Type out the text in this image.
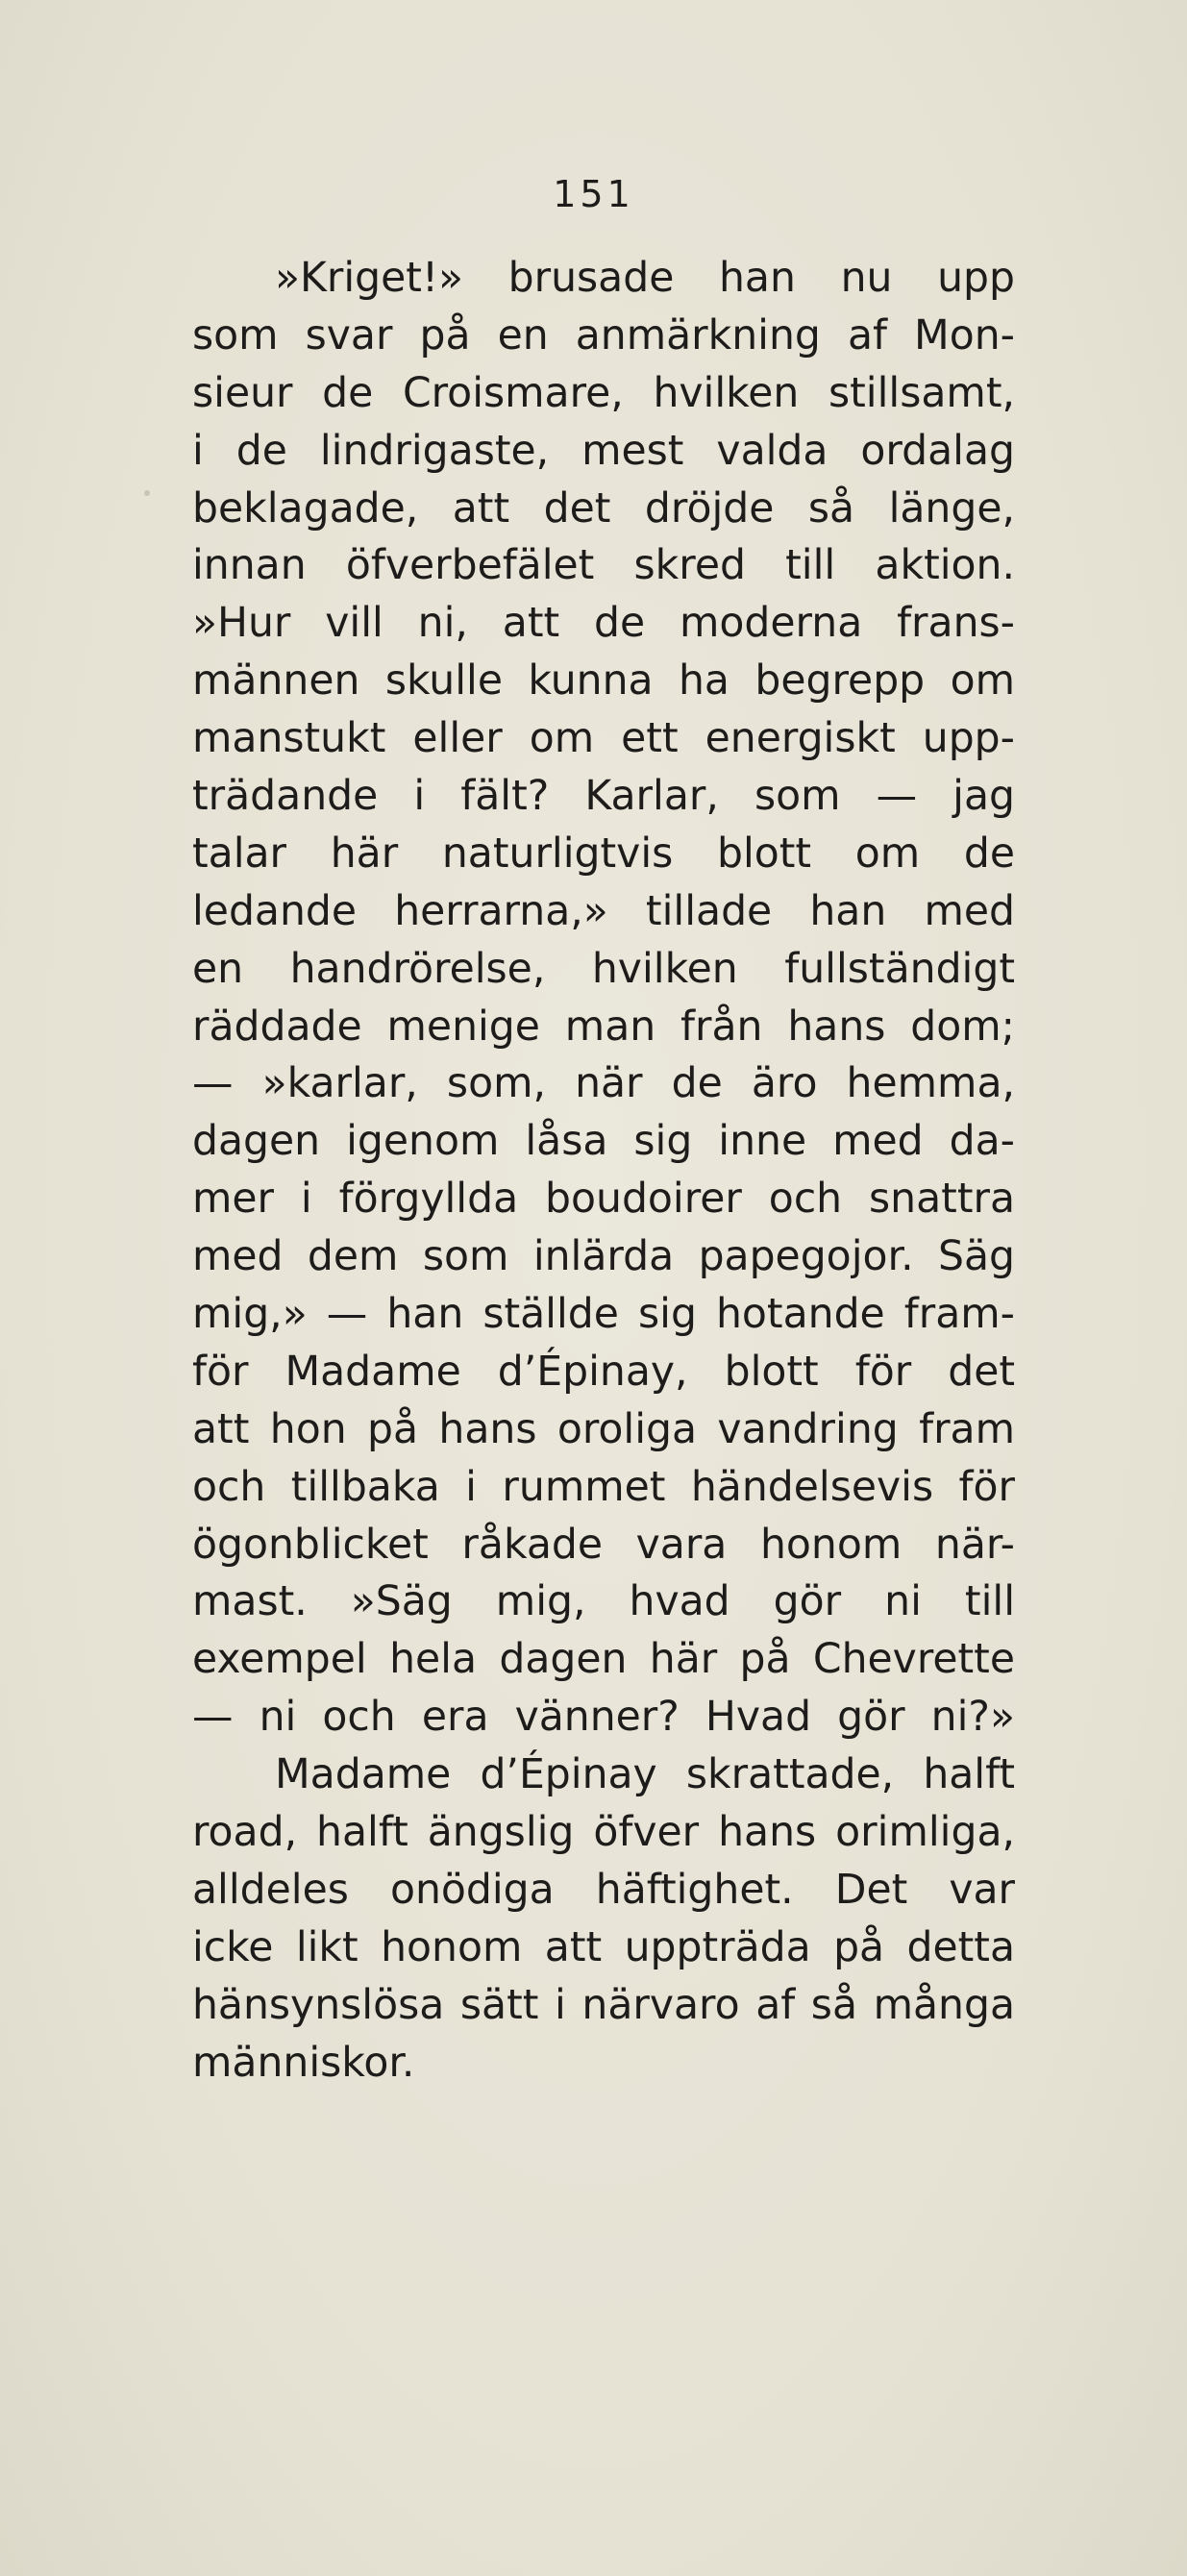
151
»Kriget!» brusade han nu upp
som svar på en anmärkning af Mon-
sieur de Croismare, hvilken stillsamt,
i de lindrigaste, mest valda ordalag
beklagade, att det dröjde så länge,
innan öfverbefälet skred till aktion.
»Hur vill ni, att de moderna frans-
männen skulle kunna ha begrepp om
manstukt eller om ett energiskt upp-
trädande i fält? Karlar, som — jag
talar här naturligtvis blott om de
ledande herrarna,» tillade han med
en handrörelse, hvilken fullständigt
räddade menige man från hans dom;
— »karlar, som, när de äro hemma,
dagen igenom låsa sig inne med da-
mer i förgyllda boudoirer och snattra
med dem som inlärda papegojor. Säg
mig,» — han ställde sig hotande fram-
för Madame d’Épinay, blott för det
att hon på hans oroliga vandring fram
och tillbaka i rummet händelsevis för
ögonblicket råkade vara honom när-
mast. »Säg mig, hvad gör ni till
exempel hela dagen här på Chevrette
— ni och era vänner? Hvad gör ni?»
Madame d’Épinay skrattade, halft
road, halft ängslig öfver hans orimliga,
alldeles onödiga häftighet. Det var
icke likt honom att uppträda på detta
hänsynslösa sätt i närvaro af så många
människor.
